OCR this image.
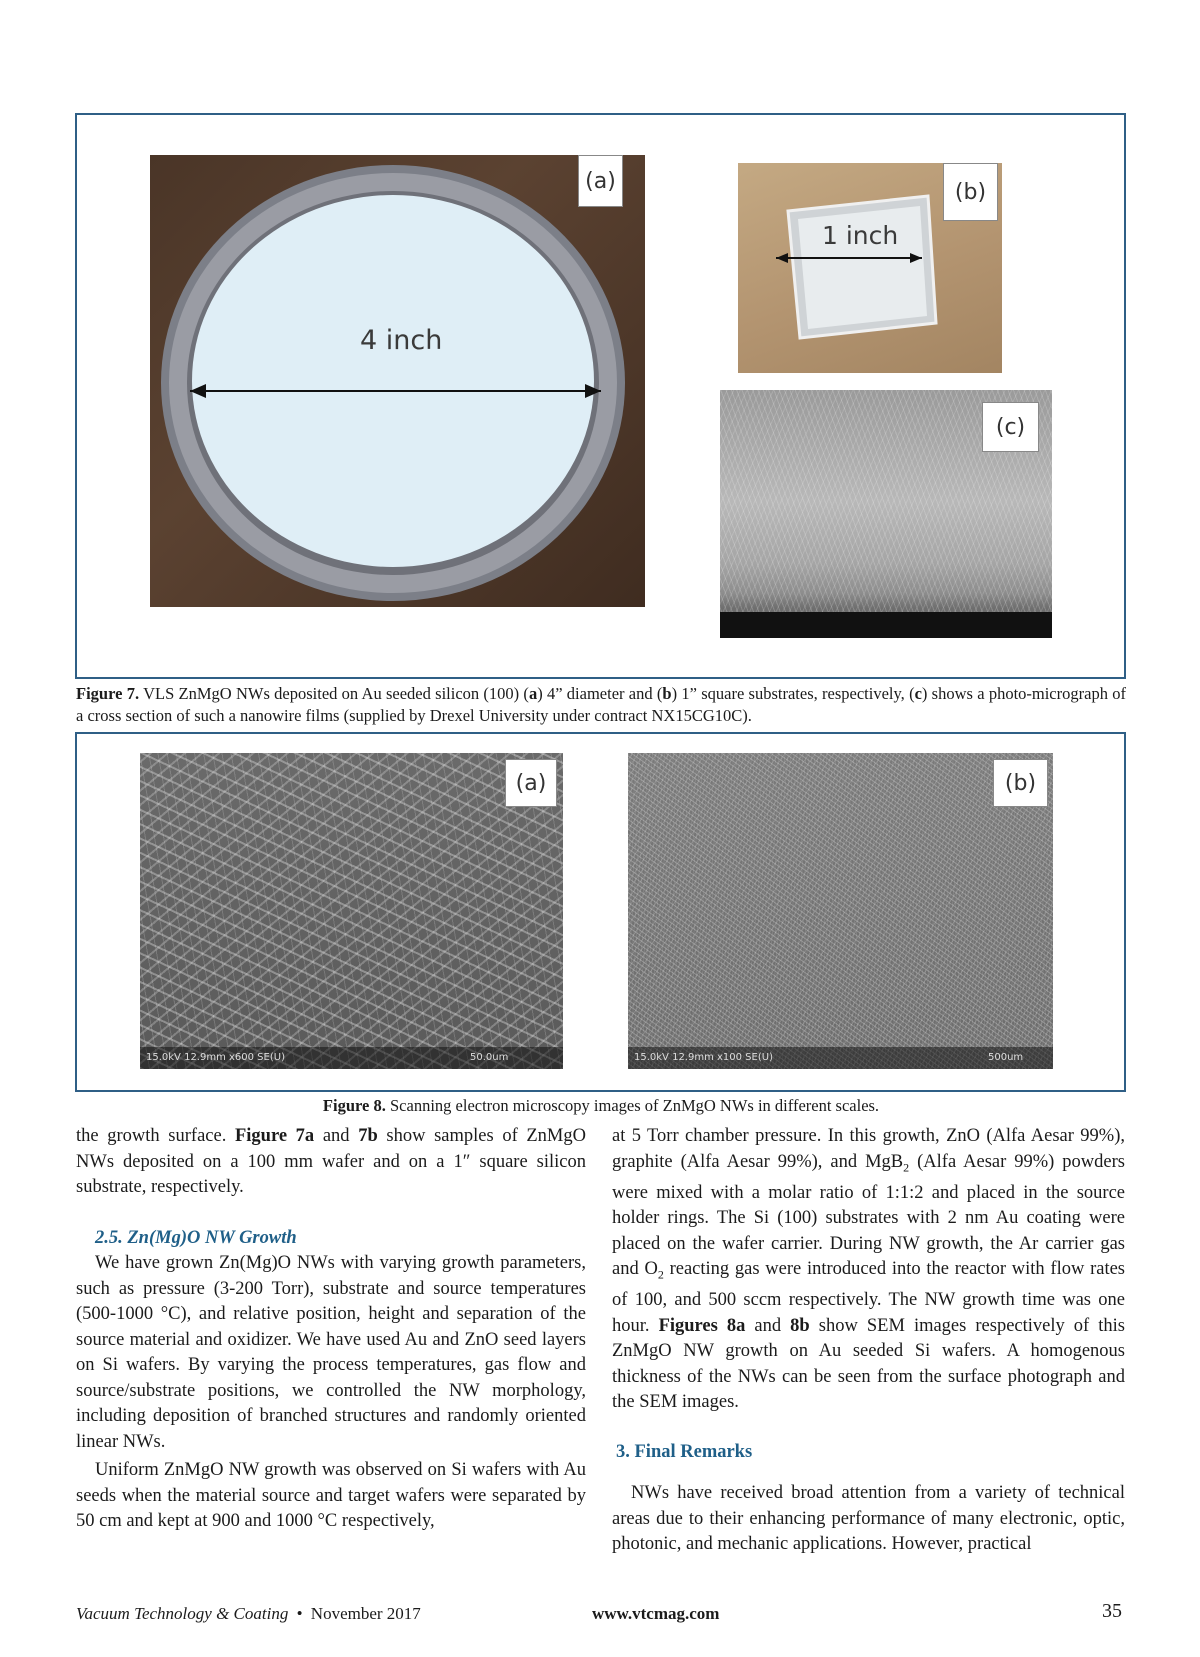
(a)
4 inch
(b)
1 inch
(c)
Figure 7. VLS ZnMgO NWs deposited on Au seeded silicon (100) (a) 4” diameter and (b) 1” square substrates, respectively, (c) shows a photo-micrograph of a cross section of such a nanowire films (supplied by Drexel University under contract NX15CG10C).
(a)
15.0kV 12.9mm x600 SE(U)	50.0um
(b)
15.0kV 12.9mm x100 SE(U)	500um
Figure 8. Scanning electron microscopy images of ZnMgO NWs in different scales.

the growth surface. Figure 7a and 7b show samples of ZnMgO NWs deposited on a 100 mm wafer and on a 1″ square silicon substrate, respectively.

2.5. Zn(Mg)O NW Growth

We have grown Zn(Mg)O NWs with varying growth parameters, such as pressure (3-200 Torr), substrate and source temperatures (500-1000 °C), and relative position, height and separation of the source material and oxidizer. We have used Au and ZnO seed layers on Si wafers. By varying the process temperatures, gas flow and source/substrate positions, we controlled the NW morphology, including deposition of branched structures and randomly oriented linear NWs.

Uniform ZnMgO NW growth was observed on Si wafers with Au seeds when the material source and target wafers were separated by 50 cm and kept at 900 and 1000 °C respectively,

at 5 Torr chamber pressure. In this growth, ZnO (Alfa Aesar 99%), graphite (Alfa Aesar 99%), and MgB$_2$ (Alfa Aesar 99%) powders were mixed with a molar ratio of 1:1:2 and placed in the source holder rings. The Si (100) substrates with 2 nm Au coating were placed on the wafer carrier. During NW growth, the Ar carrier gas and $O_2$ reacting gas were introduced into the reactor with flow rates of 100, and 500 sccm respectively. The NW growth time was one hour. Figures 8a and 8b show SEM images respectively of this ZnMgO NW growth on Au seeded Si wafers. A homogenous thickness of the NWs can be seen from the surface photograph and the SEM images.

3. Final Remarks

NWs have received broad attention from a variety of technical areas due to their enhancing performance of many electronic, optic, photonic, and mechanic applications. However, practical

Vacuum Technology & Coating • November 2017	www.vtcmag.com	35
